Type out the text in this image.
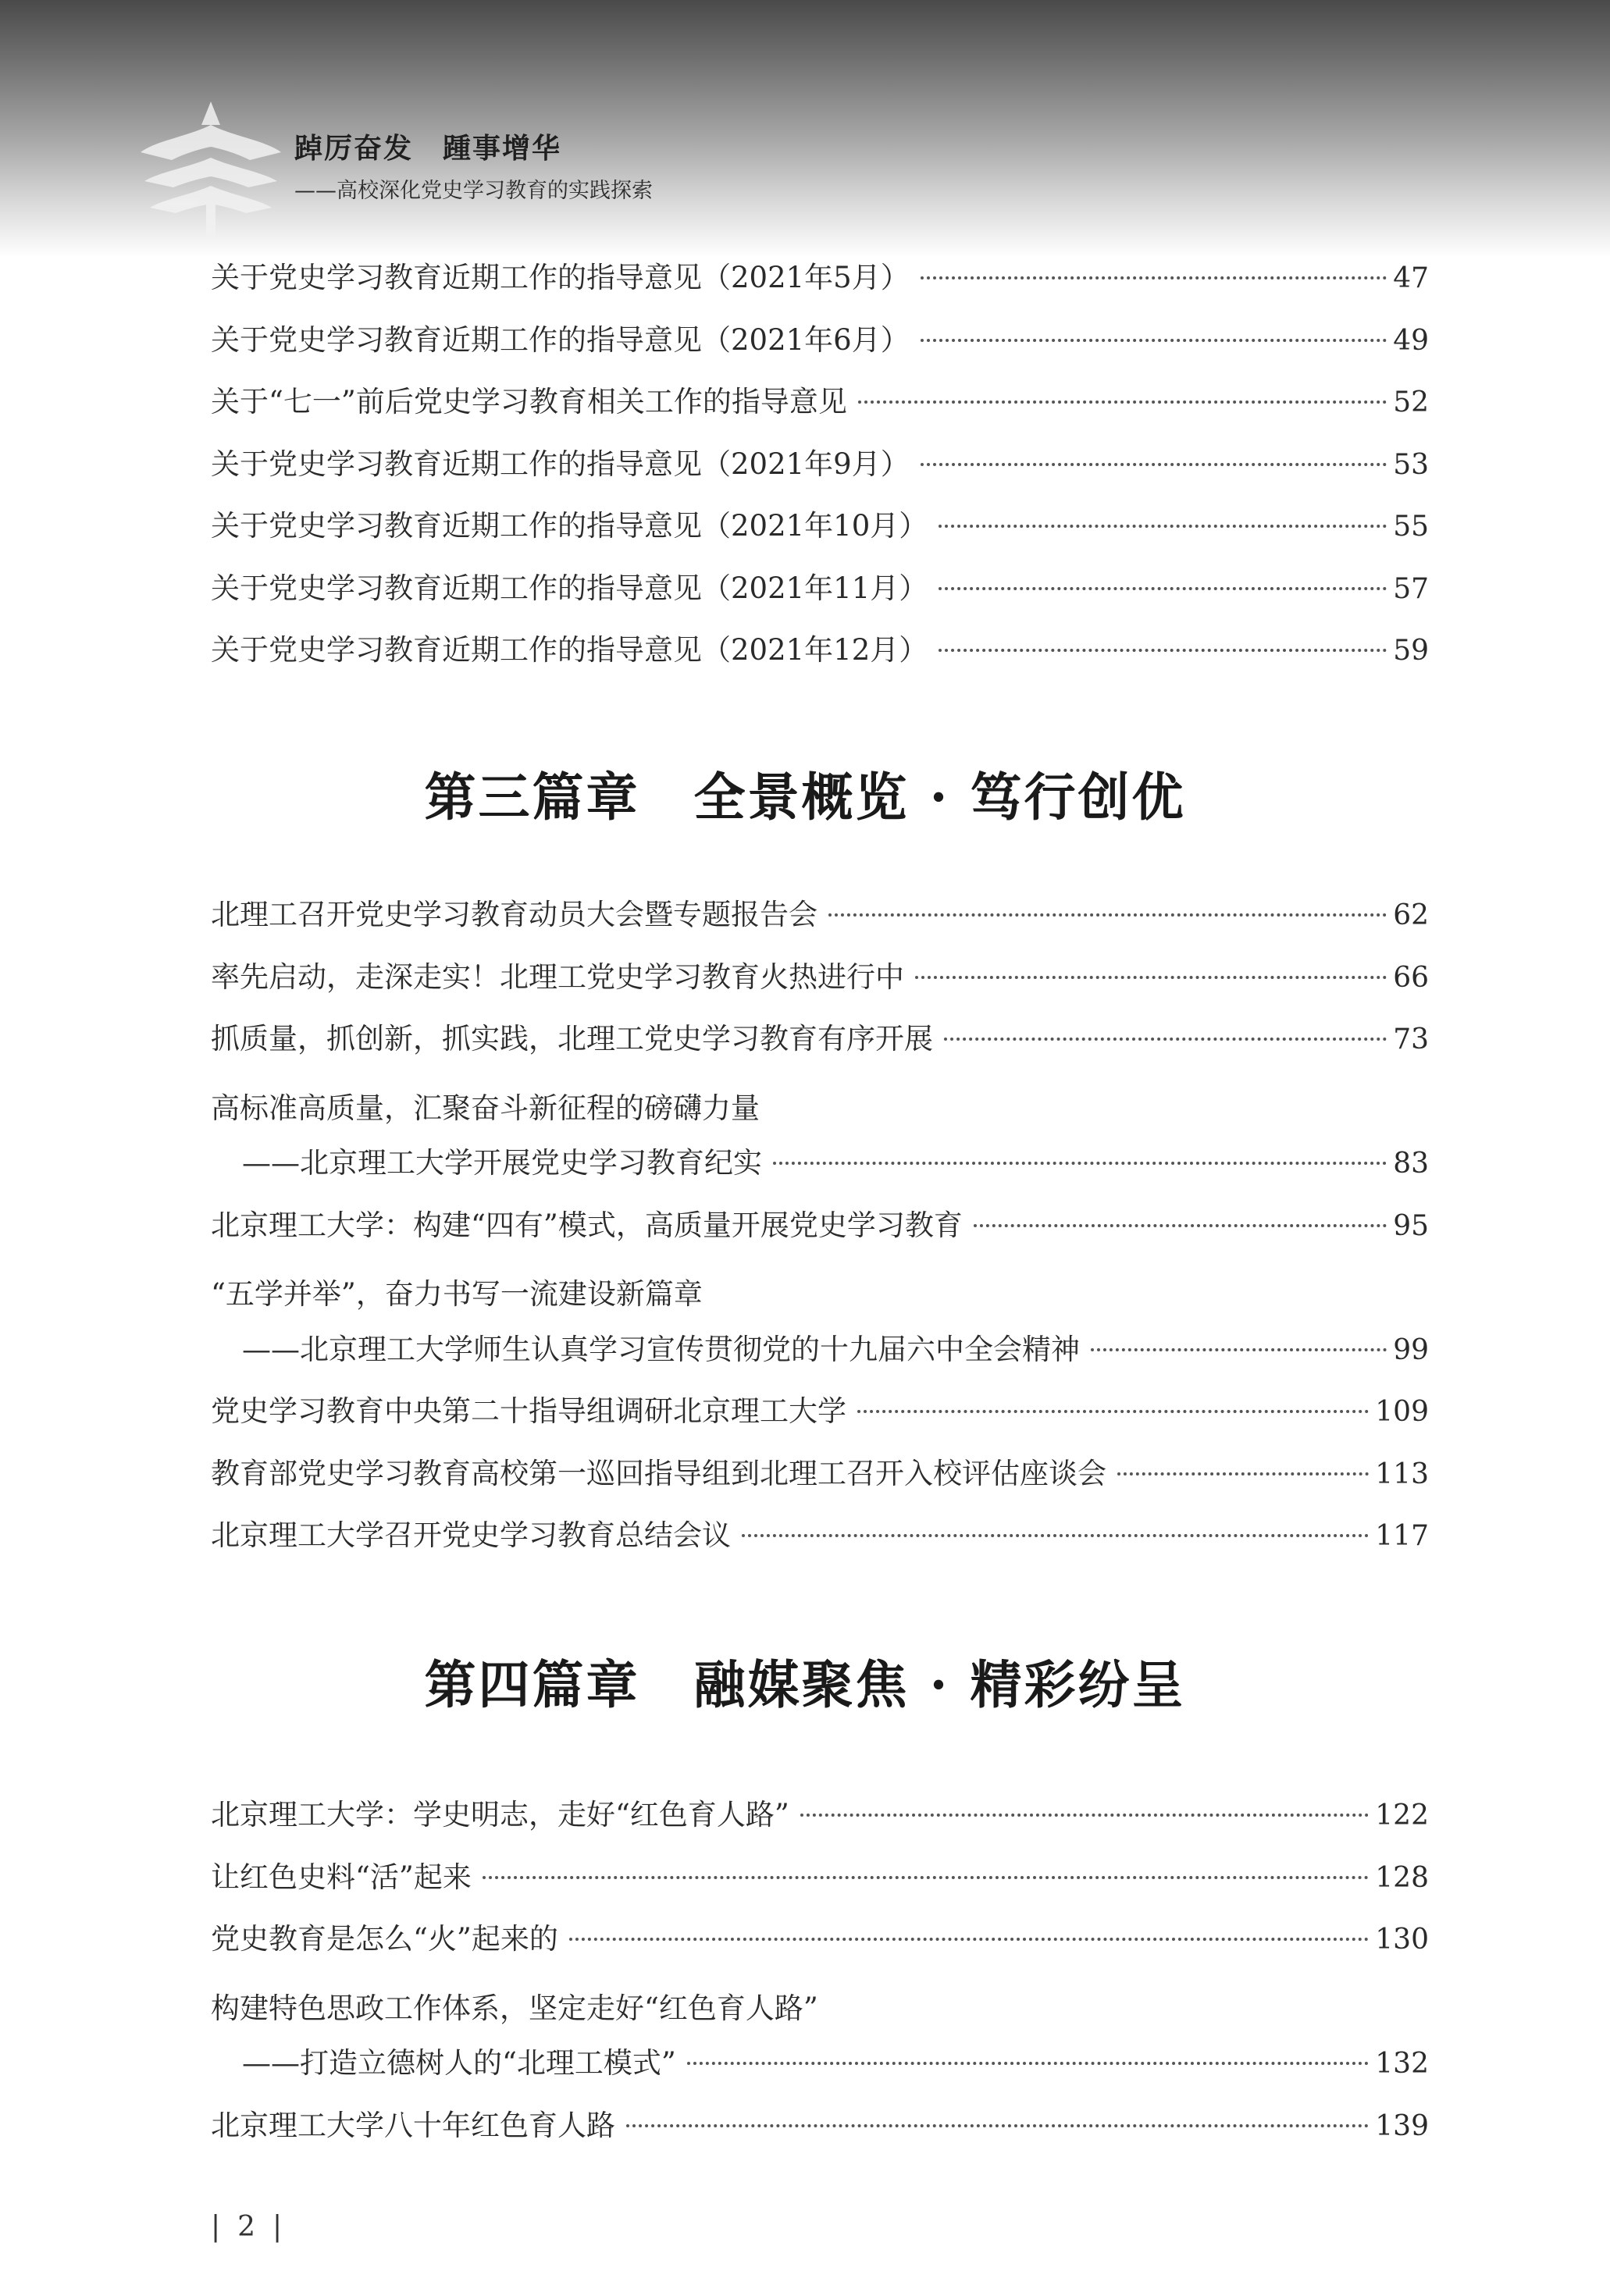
踔厉奋发　踵事增华

——高校深化党史学习教育的实践探索

关于党史学习教育近期工作的指导意见（2021年5月）	47
关于党史学习教育近期工作的指导意见（2021年6月）	49
关于“七一”前后党史学习教育相关工作的指导意见	52
关于党史学习教育近期工作的指导意见（2021年9月）	53
关于党史学习教育近期工作的指导意见（2021年10月）	55
关于党史学习教育近期工作的指导意见（2021年11月）	57
关于党史学习教育近期工作的指导意见（2021年12月）	59
第三篇章　全景概览 · 笃行创优
北理工召开党史学习教育动员大会暨专题报告会	62
率先启动，走深走实！北理工党史学习教育火热进行中	66
抓质量，抓创新，抓实践，北理工党史学习教育有序开展	73
高标准高质量，汇聚奋斗新征程的磅礴力量
——北京理工大学开展党史学习教育纪实	83
北京理工大学：构建“四有”模式，高质量开展党史学习教育	95
“五学并举”，奋力书写一流建设新篇章
——北京理工大学师生认真学习宣传贯彻党的十九届六中全会精神	99
党史学习教育中央第二十指导组调研北京理工大学	109
教育部党史学习教育高校第一巡回指导组到北理工召开入校评估座谈会	113
北京理工大学召开党史学习教育总结会议	117
第四篇章　融媒聚焦 · 精彩纷呈
北京理工大学：学史明志，走好“红色育人路”	122
让红色史料“活”起来	128
党史教育是怎么“火”起来的	130
构建特色思政工作体系，坚定走好“红色育人路”
——打造立德树人的“北理工模式”	132
北京理工大学八十年红色育人路	139
| 2 |
